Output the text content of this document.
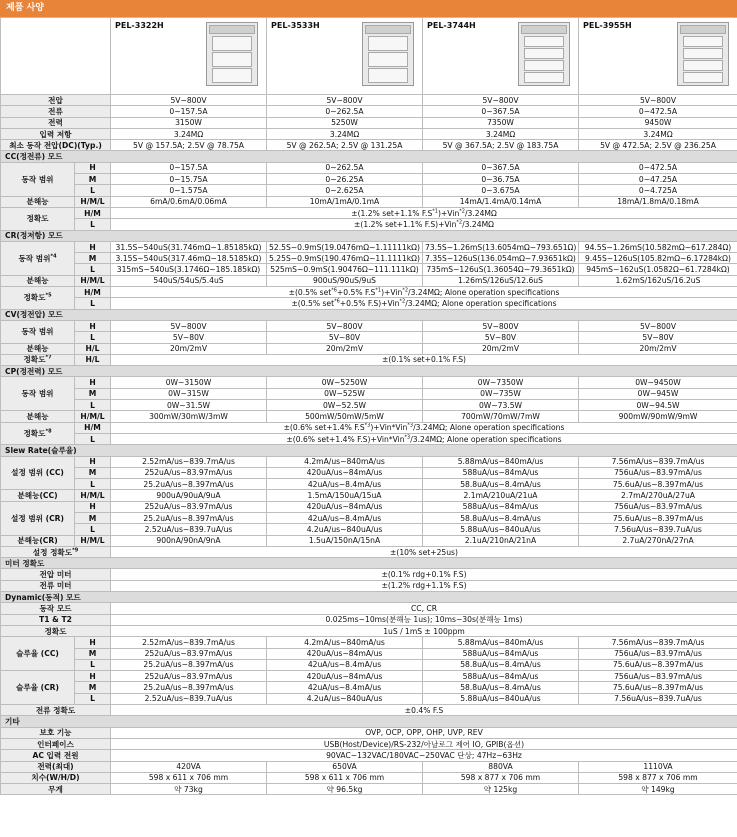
제품 사양

		PEL-3322H	PEL-3533H	PEL-3744H	PEL-3955H

전압		5V~800V	5V~800V	5V~800V	5V~800V
전류		0~157.5A	0~262.5A	0~367.5A	0~472.5A
전력		3150W	5250W	7350W	9450W
입력 저항		3.24MΩ	3.24MΩ	3.24MΩ	3.24MΩ
최소 동작 전압(DC)(Typ.)		5V @ 157.5A; 2.5V @ 78.75A	5V @ 262.5A; 2.5V @ 131.25A	5V @ 367.5A; 2.5V @ 183.75A	5V @ 472.5A; 2.5V @ 236.25A
CC(정전류) 모드					
동작 범위	H	0~157.5A	0~262.5A	0~367.5A	0~472.5A
	M	0~15.75A	0~26.25A	0~36.75A	0~47.25A
	L	0~1.575A	0~2.625A	0~3.675A	0~4.725A
분해능	H/M/L	6mA/0.6mA/0.06mA	10mA/1mA/0.1mA	14mA/1.4mA/0.14mA	18mA/1.8mA/0.18mA
정확도	H/M	±(1.2% set+1.1% $F.S^{*1})+Vin^{*2}/3.24M\Omega$			
	L	±(1.2% set+1.1% F.S)+Vin$^{*2}$/3.24MΩ			
CR(정저항) 모드					
동작 범위$^{*4}$	H	31.5S~540uS(31.746mΩ~1.85185kΩ)	52.5S~0.9mS(19.0476mΩ~1.11111kΩ)	73.5S~1.26mS(13.6054mΩ~793.651Ω)	94.5S~1.26mS(10.582mΩ~617.284Ω)
	M	3.15S~540uS(317.46mΩ~18.5185kΩ)	5.25S~0.9mS(190.476mΩ~11.1111kΩ)	7.35S~126uS(136.054mΩ~7.93651kΩ)	9.45S~126uS(105.82mΩ~6.17284kΩ)
	L	315mS~540uS(3.1746Ω~185.185kΩ)	525mS~0.9mS(1.90476Ω~111.111kΩ)	735mS~126uS(1.36054Ω~79.3651kΩ)	945mS~162uS(1.0582Ω~61.7284kΩ)
분해능	H/M/L	540uS/54uS/5.4uS	900uS/90uS/9uS	1.26mS/126uS/12.6uS	1.62mS/162uS/16.2uS
정확도$^{*5}$	H/M	±(0.5% set$^{*6}$+0.5% $F.S^{*1})+Vin^{*2}/3.24M\Omega$; Alone operation specifications			
	L	±(0.5% set$^{*6}$+0.5% F.S)+Vin$^{*2}$/3.24MΩ; Alone operation specifications			
CV(정전압) 모드					
동작 범위	H	5V~800V	5V~800V	5V~800V	5V~800V
	L	5V~80V	5V~80V	5V~80V	5V~80V
분해능	H/L	20m/2mV	20m/2mV	20m/2mV	20m/2mV
정확도$^{*7}$	H/L	±(0.1% set+0.1% F.S)			
CP(정전력) 모드					
동작 범위	H	0W~3150W	0W~5250W	0W~7350W	0W~9450W
	M	0W~315W	0W~525W	0W~735W	0W~945W
	L	0W~31.5W	0W~52.5W	0W~73.5W	0W~94.5W
분해능	H/M/L	300mW/30mW/3mW	500mW/50mW/5mW	700mW/70mW/7mW	900mW/90mW/9mW
정확도$^{*8}$	H/M	±(0.6% set+1.4% $F.S^{*3})+Vin*Vin^{*3}/3.24M\Omega$; Alone operation specifications			
	L	±(0.6% set+1.4% F.S)+Vin*Vin$^{*3}$/3.24MΩ; Alone operation specifications			
Slew Rate(슬루율)					
설정 범위 (CC)	H	2.52mA/us~839.7mA/us	4.2mA/us~840mA/us	5.88mA/us~840mA/us	7.56mA/us~839.7mA/us
	M	252uA/us~83.97mA/us	420uA/us~84mA/us	588uA/us~84mA/us	756uA/us~83.97mA/us
	L	25.2uA/us~8.397mA/us	42uA/us~8.4mA/us	58.8uA/us~8.4mA/us	75.6uA/us~8.397mA/us
분해능(CC)	H/M/L	900uA/90uA/9uA	1.5mA/150uA/15uA	2.1mA/210uA/21uA	2.7mA/270uA/27uA
설정 범위 (CR)	H	252uA/us~83.97mA/us	420uA/us~84mA/us	588uA/us~84mA/us	756uA/us~83.97mA/us
	M	25.2uA/us~8.397mA/us	42uA/us~8.4mA/us	58.8uA/us~8.4mA/us	75.6uA/us~8.397mA/us
	L	2.52uA/us~839.7uA/us	4.2uA/us~840uA/us	5.88uA/us~840uA/us	7.56uA/us~839.7uA/us
분해능(CR)	H/M/L	900nA/90nA/9nA	1.5uA/150nA/15nA	2.1uA/210nA/21nA	2.7uA/270nA/27nA
설정 정확도$^{*9}$		±(10% set+25us)			
미터 정확도					
전압 미터		±(0.1% rdg+0.1% F.S)			
전류 미터		±(1.2% rdg+1.1% F.S)			
Dynamic(동적) 모드					
동작 모드		CC, CR			
T1 & T2		0.025ms~10ms(분해능 1us); 10ms~30s(분해능 1ms)			
정확도		1uS / 1mS ± 100ppm			
슬루율 (CC)	H	2.52mA/us~839.7mA/us	4.2mA/us~840mA/us	5.88mA/us~840mA/us	7.56mA/us~839.7mA/us
	M	252uA/us~83.97mA/us	420uA/us~84mA/us	588uA/us~84mA/us	756uA/us~83.97mA/us
	L	25.2uA/us~8.397mA/us	42uA/us~8.4mA/us	58.8uA/us~8.4mA/us	75.6uA/us~8.397mA/us
슬루율 (CR)	H	252uA/us~83.97mA/us	420uA/us~84mA/us	588uA/us~84mA/us	756uA/us~83.97mA/us
	M	25.2uA/us~8.397mA/us	42uA/us~8.4mA/us	58.8uA/us~8.4mA/us	75.6uA/us~8.397mA/us
	L	2.52uA/us~839.7uA/us	4.2uA/us~840uA/us	5.88uA/us~840uA/us	7.56uA/us~839.7uA/us
전류 정확도		±0.4% F.S			
기타					
보호 기능		OVP, OCP, OPP, OHP, UVP, REV			
인터페이스		USB(Host/Device)/RS-232/아날로그 제어 IO, GPIB(옵션)			
AC 입력 전원		90VAC~132VAC/180VAC~250VAC 단상; 47Hz~63Hz			
전력(최대)		420VA	650VA	880VA	1110VA
치수(W/H/D)		598 x 611 x 706 mm	598 x 611 x 706 mm	598 x 877 x 706 mm	598 x 877 x 706 mm
무게		약 73kg	약 96.5kg	약 125kg	약 149kg
